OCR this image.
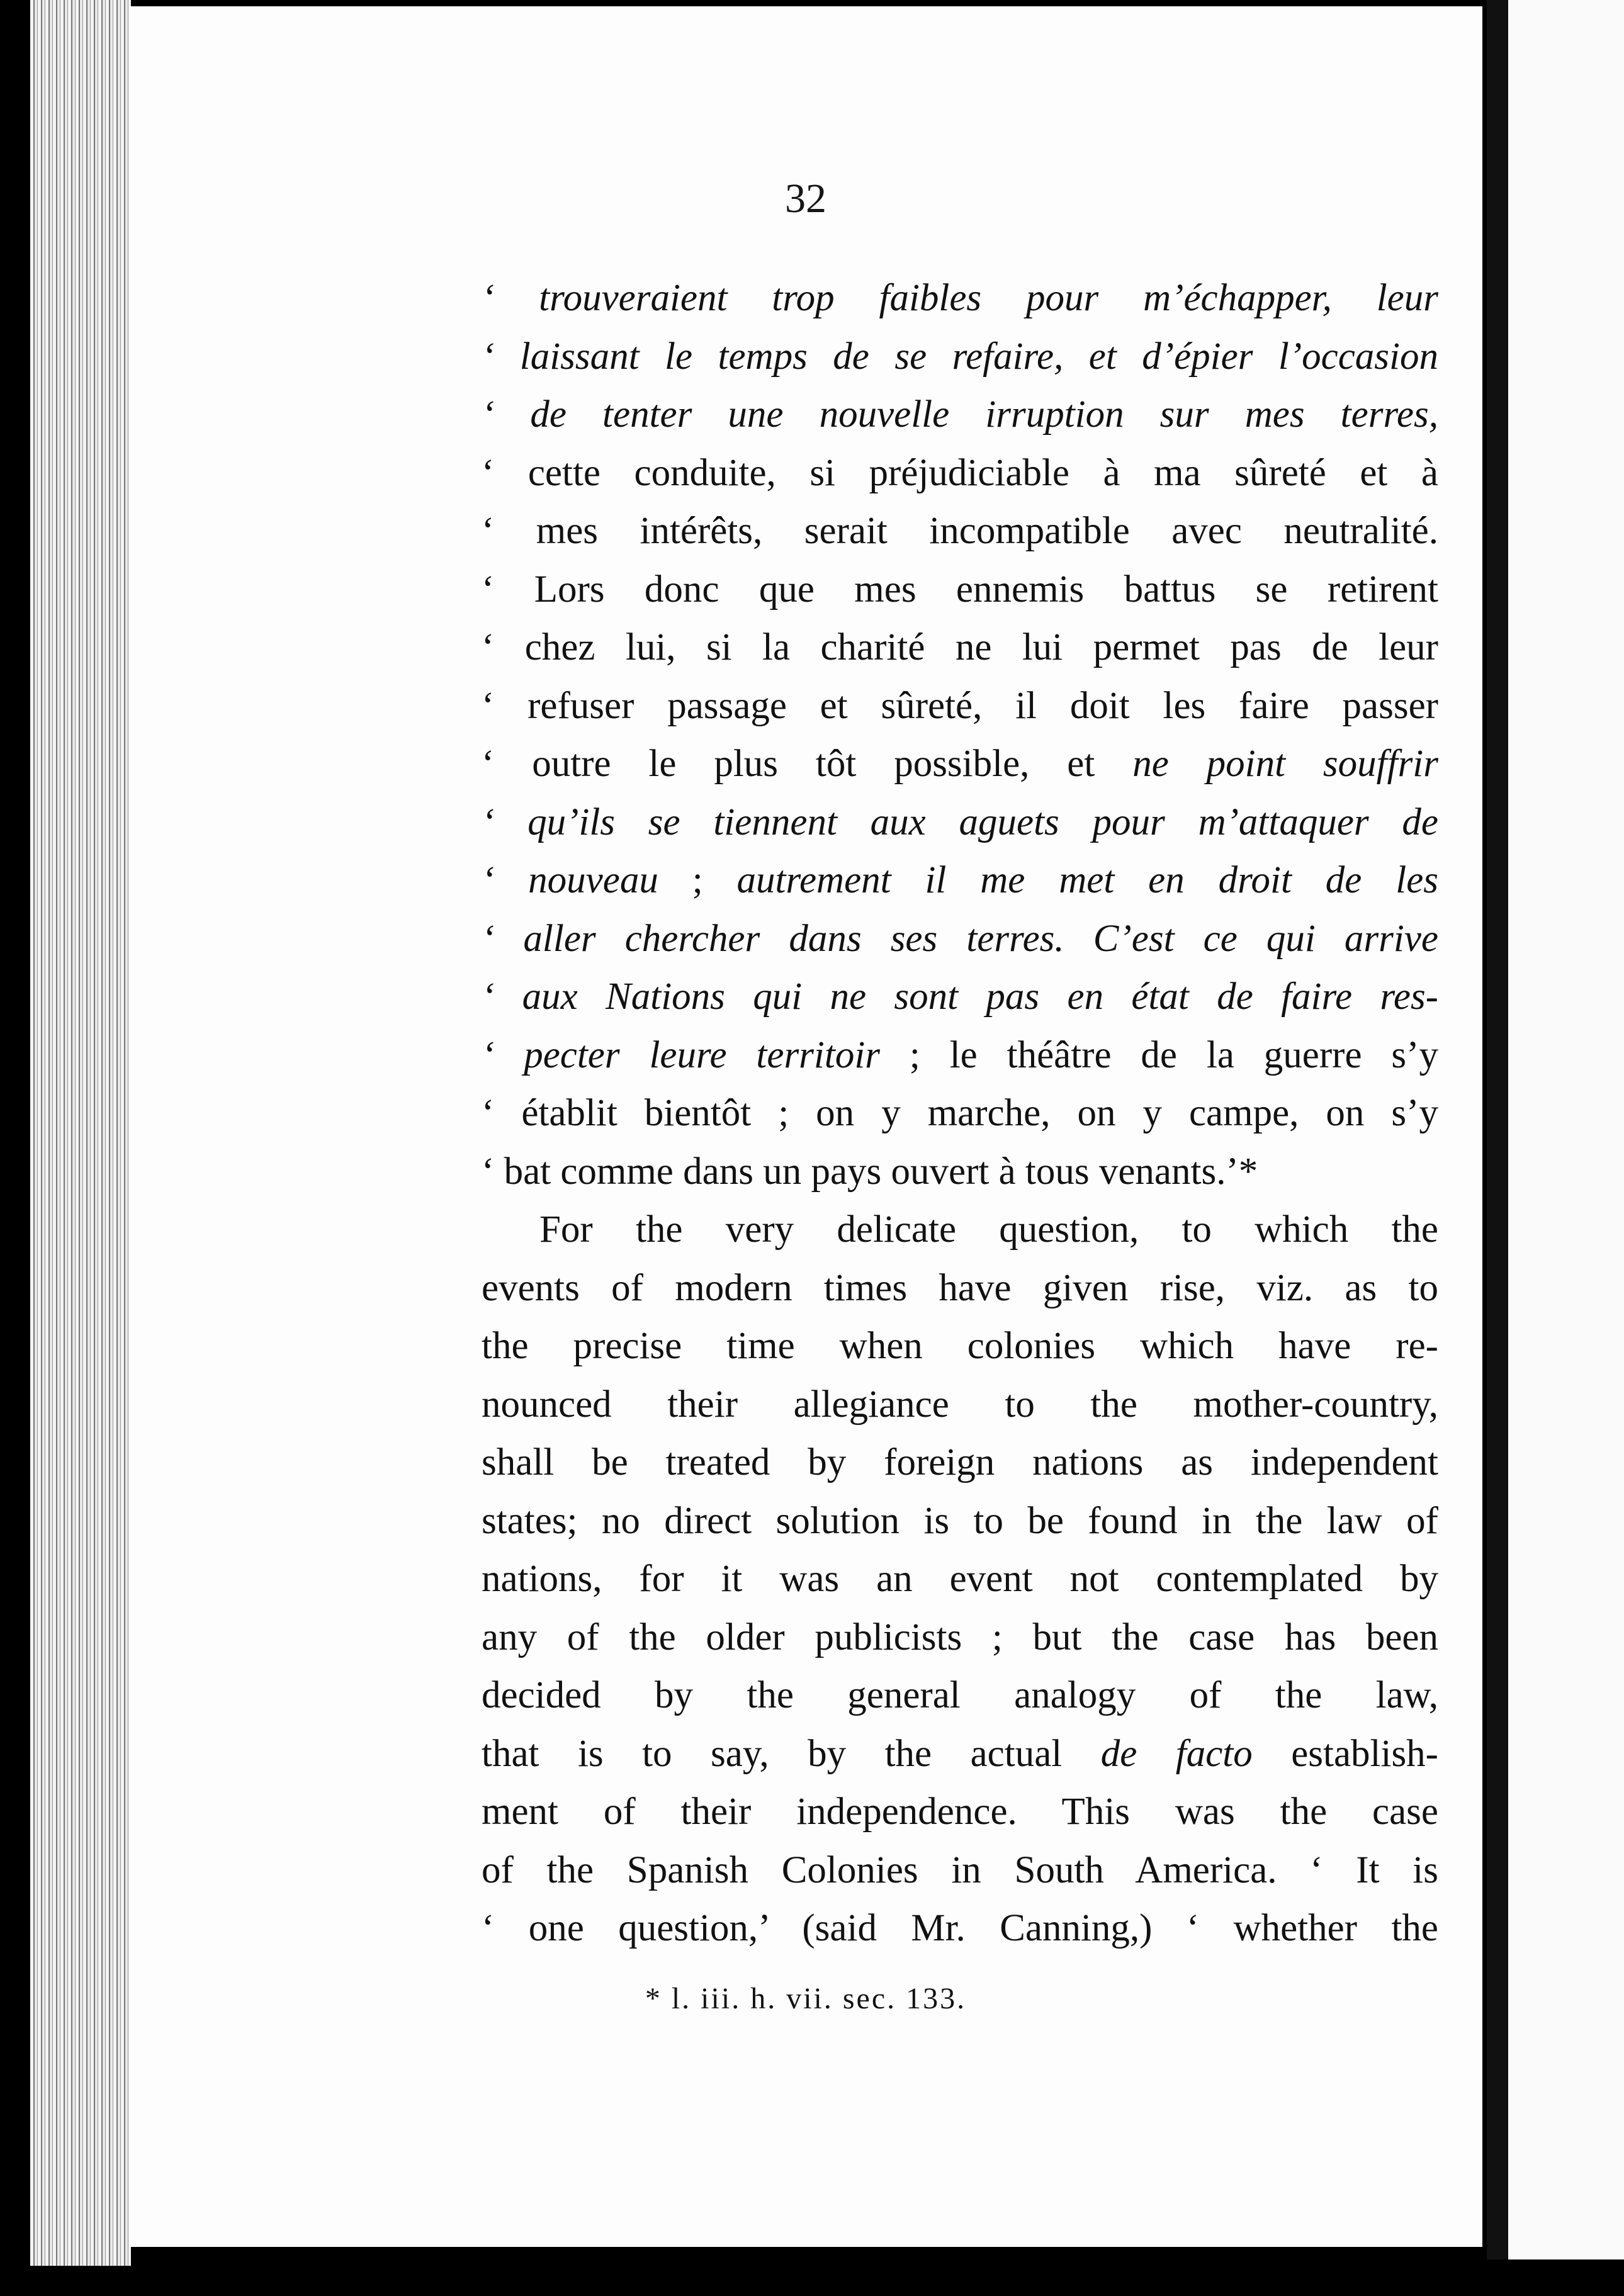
32
‘ trouveraient trop faibles pour m’échapper, leur
‘ laissant le temps de se refaire, et d’épier l’occasion
‘ de tenter une nouvelle irruption sur mes terres,
‘ cette conduite, si préjudiciable à ma sûreté et à
‘ mes intérêts, serait incompatible avec neutralité.
‘ Lors donc que mes ennemis battus se retirent
‘ chez lui, si la charité ne lui permet pas de leur
‘ refuser passage et sûreté, il doit les faire passer
‘ outre le plus tôt possible, et ne point souffrir
‘ qu’ils se tiennent aux aguets pour m’attaquer de
‘ nouveau ; autrement il me met en droit de les
‘ aller chercher dans ses terres. C’est ce qui arrive
‘ aux Nations qui ne sont pas en état de faire res-
‘ pecter leure territoir ; le théâtre de la guerre s’y
‘ établit bientôt ; on y marche, on y campe, on s’y
‘ bat comme dans un pays ouvert à tous venants.’*
For the very delicate question, to which the
events of modern times have given rise, viz. as to
the precise time when colonies which have re-
nounced their allegiance to the mother-country,
shall be treated by foreign nations as independent
states; no direct solution is to be found in the law of
nations, for it was an event not contemplated by
any of the older publicists ; but the case has been
decided by the general analogy of the law,
that is to say, by the actual de facto establish-
ment of their independence. This was the case
of the Spanish Colonies in South America. ‘ It is
‘ one question,’ (said Mr. Canning,) ‘ whether the
* l. iii. h. vii. sec. 133.
